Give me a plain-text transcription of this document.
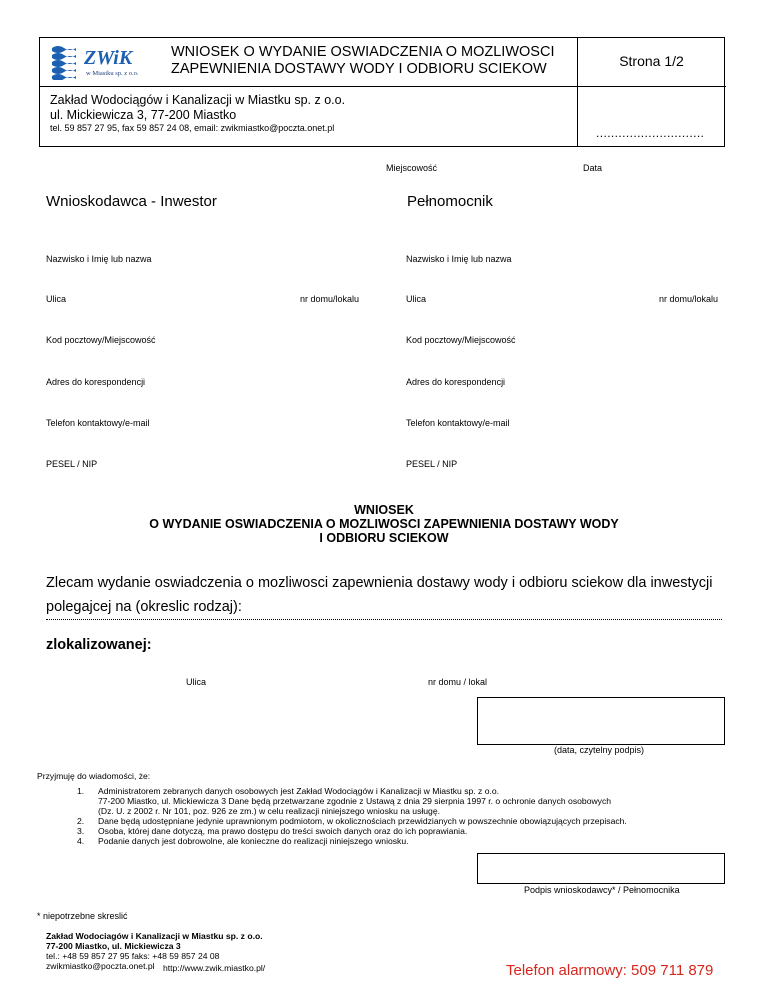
ZWiK
w Miastku sp. z o.o.
WNIOSEK O WYDANIE OSWIADCZENIA O MOZLIWOSCI
ZAPEWNIENIA DOSTAWY WODY I ODBIORU SCIEKOW	Strona 1/2
Zakład Wodociągów i Kanalizacji w Miastku sp. z o.o.
ul. Mickiewicza 3, 77-200 Miastko
tel. 59 857 27 95, fax 59 857 24 08, email: zwikmiastko@poczta.onet.pl	.............................
Miejscowość	Data
Wnioskodawca - Inwestor
Nazwisko i Imię lub nazwa
Ulica	nr domu/lokalu
Kod pocztowy/Miejscowość
Adres do korespondencji
Telefon kontaktowy/e-mail
PESEL / NIP
Pełnomocnik
Nazwisko i Imię lub nazwa
Ulica	nr domu/lokalu
Kod pocztowy/Miejscowość
Adres do korespondencji
Telefon kontaktowy/e-mail
PESEL / NIP
WNIOSEK
O WYDANIE OSWIADCZENIA O MOZLIWOSCI ZAPEWNIENIA DOSTAWY WODY
I ODBIORU SCIEKOW
Zlecam wydanie oswiadczenia o mozliwosci zapewnienia dostawy wody i odbioru sciekow dla inwestycji
polegajcej na (okreslic rodzaj):
zlokalizowanej:
Ulica	nr domu / lokal
(data, czytelny podpis)
Przyjmuję do wiadomości, że:
1. Administratorem zebranych danych osobowych jest Zakład Wodociągów i Kanalizacji w Miastku sp. z o.o.
77-200 Miastko, ul. Mickiewicza 3 Dane będą przetwarzane zgodnie z Ustawą z dnia 29 sierpnia 1997 r. o ochronie danych osobowych
(Dz. U. z 2002 r. Nr 101, poz. 926 ze zm.) w celu realizacji niniejszego wniosku na usługę.
2. Dane będą udostępniane jedynie uprawnionym podmiotom, w okolicznościach przewidzianych w powszechnie obowiązujących przepisach.
3. Osoba, której dane dotyczą, ma prawo dostępu do treści swoich danych oraz do ich poprawiania.
4. Podanie danych jest dobrowolne, ale konieczne do realizacji niniejszego wniosku.
Podpis wnioskodawcy* / Pełnomocnika
* niepotrzebne skreslić
Zakład Wodociagów i Kanalizacji w Miastku sp. z o.o.
77-200 Miastko, ul. Mickiewicza 3
tel.: +48 59 857 27 95 faks: +48 59 857 24 08
zwikmiastko@poczta.onet.pl http://www.zwik.miastko.pl/	Telefon alarmowy: 509 711 879
